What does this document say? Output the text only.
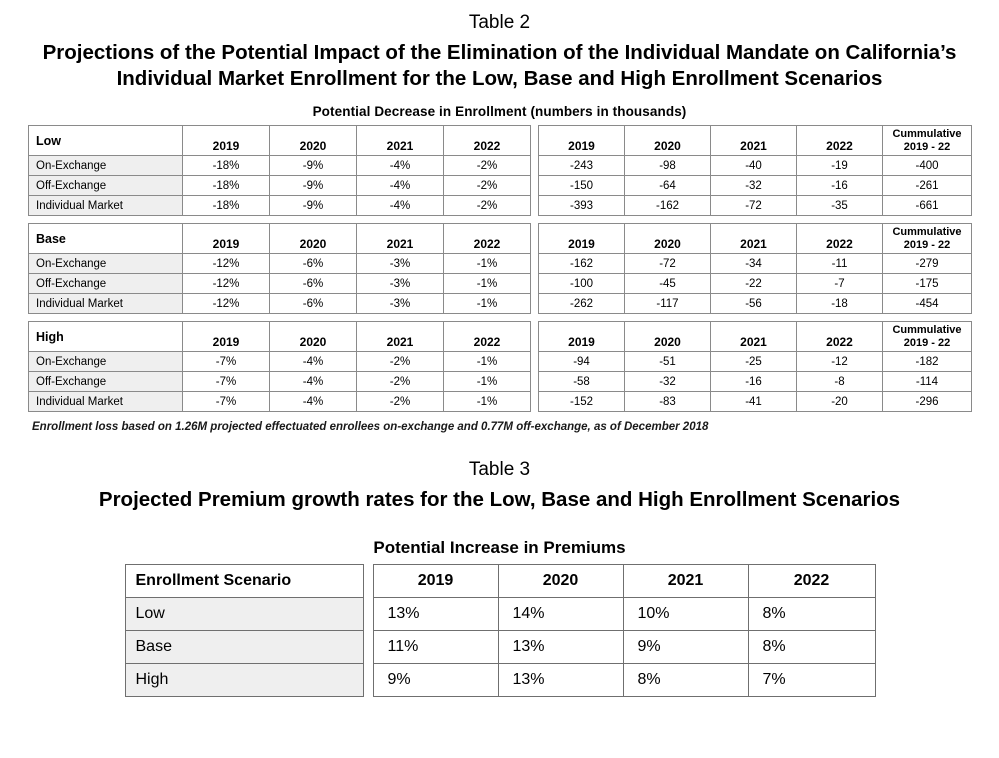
Table 2
Projections of the Potential Impact of the Elimination of the Individual Mandate on California’s Individual Market Enrollment for the Low, Base and High Enrollment Scenarios
Potential Decrease in Enrollment (numbers in thousands)
Low	2019	2020	2021	2022		2019	2020	2021	2022	Cummulative
2019 - 22
On-Exchange	-18%	-9%	-4%	-2%		-243	-98	-40	-19	-400
Off-Exchange	-18%	-9%	-4%	-2%		-150	-64	-32	-16	-261
Individual Market	-18%	-9%	-4%	-2%		-393	-162	-72	-35	-661

Base	2019	2020	2021	2022		2019	2020	2021	2022	Cummulative
2019 - 22
On-Exchange	-12%	-6%	-3%	-1%		-162	-72	-34	-11	-279
Off-Exchange	-12%	-6%	-3%	-1%		-100	-45	-22	-7	-175
Individual Market	-12%	-6%	-3%	-1%		-262	-117	-56	-18	-454

High	2019	2020	2021	2022		2019	2020	2021	2022	Cummulative
2019 - 22
On-Exchange	-7%	-4%	-2%	-1%		-94	-51	-25	-12	-182
Off-Exchange	-7%	-4%	-2%	-1%		-58	-32	-16	-8	-114
Individual Market	-7%	-4%	-2%	-1%		-152	-83	-41	-20	-296
Enrollment loss based on 1.26M projected effectuated enrollees on-exchange and 0.77M off-exchange, as of December 2018
Table 3
Projected Premium growth rates for the Low, Base and High Enrollment Scenarios
Potential Increase in Premiums
Enrollment Scenario		2019	2020	2021	2022
Low		13%	14%	10%	8%
Base		11%	13%	9%	8%
High		9%	13%	8%	7%
